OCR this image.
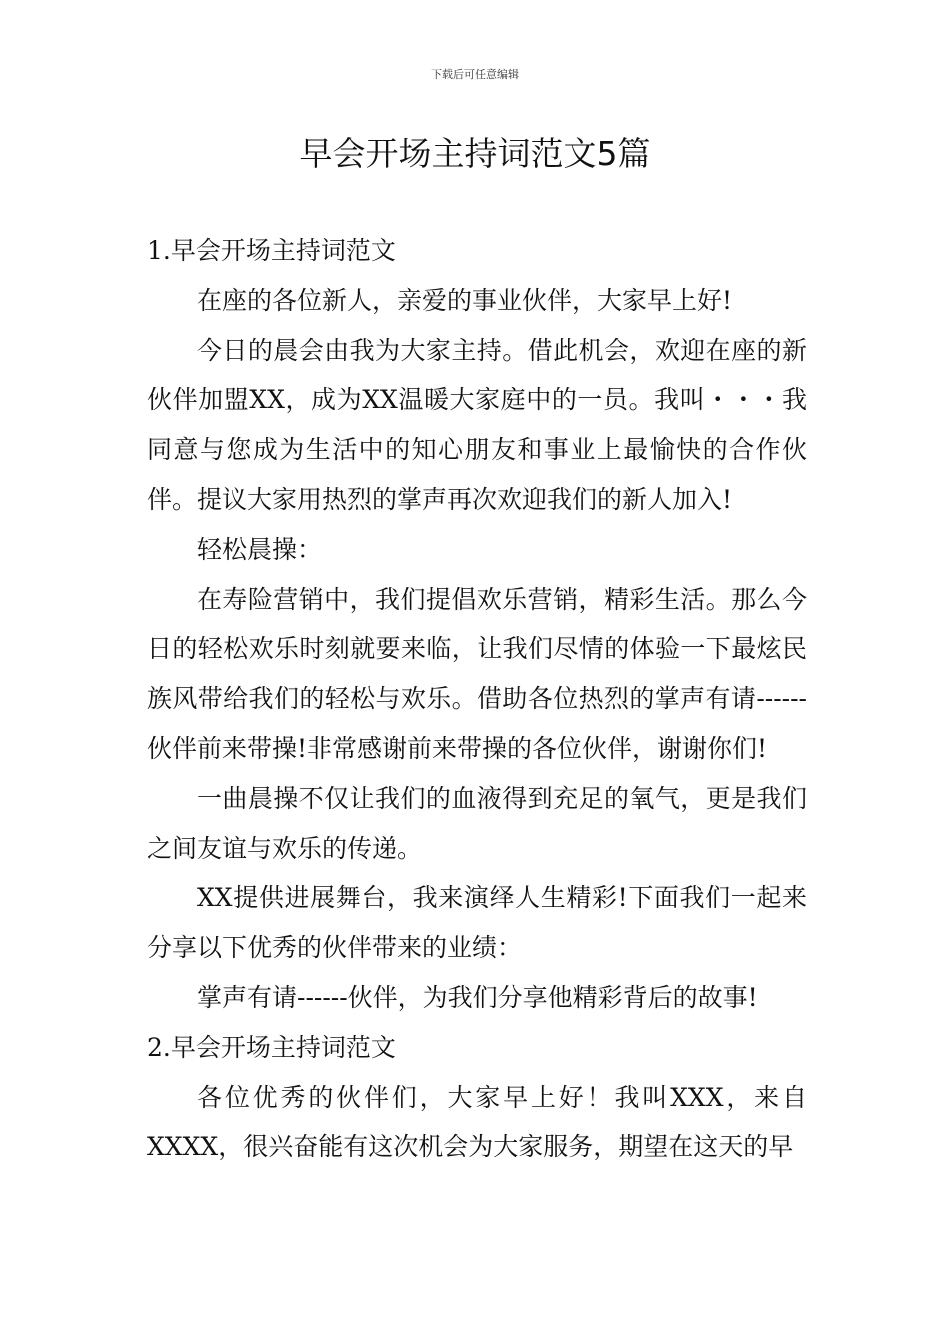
下载后可任意编辑
早会开场主持词范文5篇

1.早会开场主持词范文

在座的各位新人，亲爱的事业伙伴，大家早上好!

今日的晨会由我为大家主持。借此机会，欢迎在座的新伙伴加盟XX，成为XX温暖大家庭中的一员。我叫・・・我同意与您成为生活中的知心朋友和事业上最愉快的合作伙伴。提议大家用热烈的掌声再次欢迎我们的新人加入!

轻松晨操：

在寿险营销中，我们提倡欢乐营销，精彩生活。那么今日的轻松欢乐时刻就要来临，让我们尽情的体验一下最炫民族风带给我们的轻松与欢乐。借助各位热烈的掌声有请------伙伴前来带操!非常感谢前来带操的各位伙伴，谢谢你们!

一曲晨操不仅让我们的血液得到充足的氧气，更是我们之间友谊与欢乐的传递。

XX提供进展舞台，我来演绎人生精彩!下面我们一起来分享以下优秀的伙伴带来的业绩：

掌声有请------伙伴，为我们分享他精彩背后的故事!

2.早会开场主持词范文

各位优秀的伙伴们，大家早上好！我叫XXX，来自XXXX，很兴奋能有这次机会为大家服务，期望在这天的早
